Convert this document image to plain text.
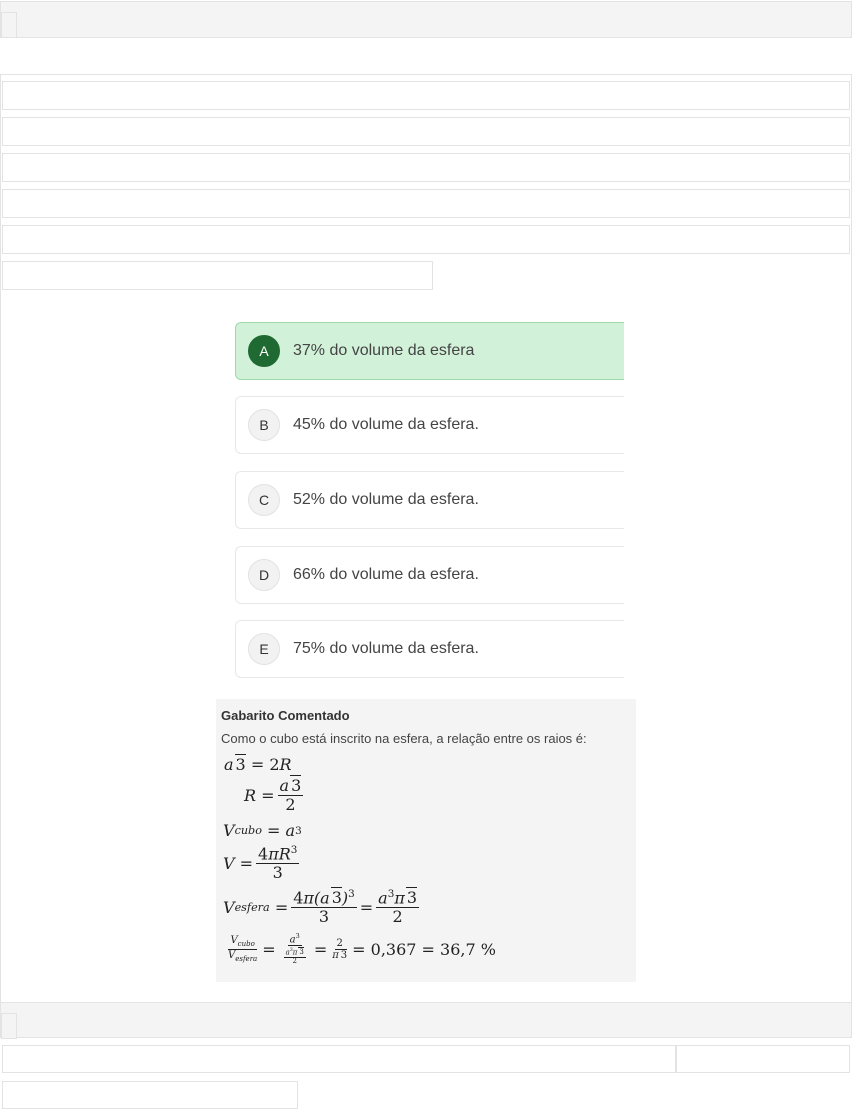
A	37% do volume da esfera
B	45% do volume da esfera.
C	52% do volume da esfera.
D	66% do volume da esfera.
E	75% do volume da esfera.
Gabarito Comentado
Como o cubo está inscrito na esfera, a relação entre os raios é:
a 3
=
2 R
$R = \frac{a 3}{2}$
V cubo
= a 3
$V = \frac{4\pi R^3}{3}$
V esfera
= $\frac{4\pi(a 3)^3}{3} = \frac{a^3\pi 3}{2}$
$\frac{V_{cubo}}{V_{esfera}} = \frac{a^3}{\frac{a^3\pi 3}{2}} = \frac{2}{\pi 3} = 0,367 = 36,7$ %
